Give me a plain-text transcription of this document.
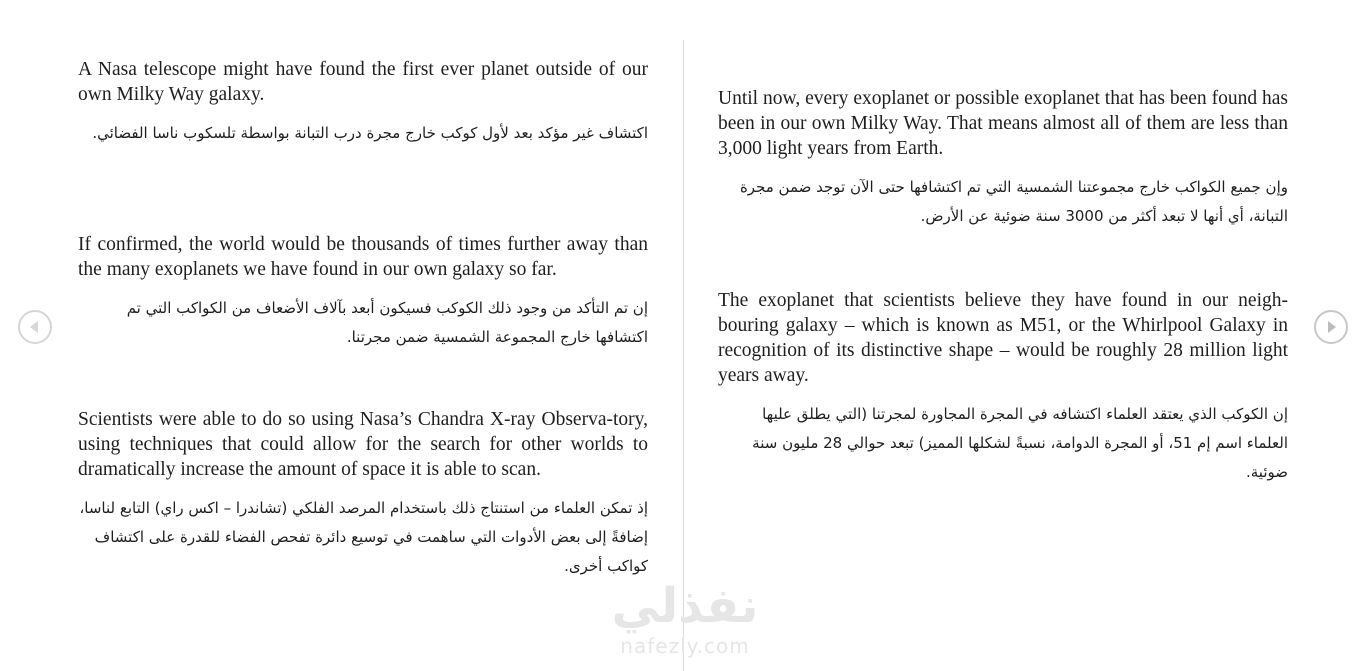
A Nasa telescope might have found the first ever planet outside of our own Milky Way galaxy.

اكتشاف غير مؤكد بعد لأول كوكب خارج مجرة درب التبانة بواسطة تلسكوب ناسا الفضائي.

If confirmed, the world would be thousands of times further away than the many exoplanets we have found in our own galaxy so far.

إن تم التأكد من وجود ذلك الكوكب فسيكون أبعد بآلاف الأضعاف من الكواكب التي تم اكتشافها خارج المجموعة الشمسية ضمن مجرتنا.

Scientists were able to do so using Nasa’s Chandra X-ray Observa-tory, using techniques that could allow for the search for other worlds to dramatically increase the amount of space it is able to scan.

إذ تمكن العلماء من استنتاج ذلك باستخدام المرصد الفلكي (تشاندرا – اكس راي) التابع لناسا، إضافةً إلى بعض الأدوات التي ساهمت في توسيع دائرة تفحص الفضاء للقدرة على اكتشاف كواكب أخرى.

Until now, every exoplanet or possible exoplanet that has been found has been in our own Milky Way. That means almost all of them are less than 3,000 light years from Earth.

وإن جميع الكواكب خارج مجموعتنا الشمسية التي تم اكتشافها حتى الآن توجد ضمن مجرة التبانة، أي أنها لا تبعد أكثر من 3000 سنة ضوئية عن الأرض.

The exoplanet that scientists believe they have found in our neigh-bouring galaxy – which is known as M51, or the Whirlpool Galaxy in recognition of its distinctive shape – would be roughly 28 million light years away.

إن الكوكب الذي يعتقد العلماء اكتشافه في المجرة المجاورة لمجرتنا (التي يطلق عليها العلماء اسم إم 51، أو المجرة الدوامة، نسبةً لشكلها المميز) تبعد حوالي 28 مليون سنة ضوئية.

نفذلي
nafezly.com
